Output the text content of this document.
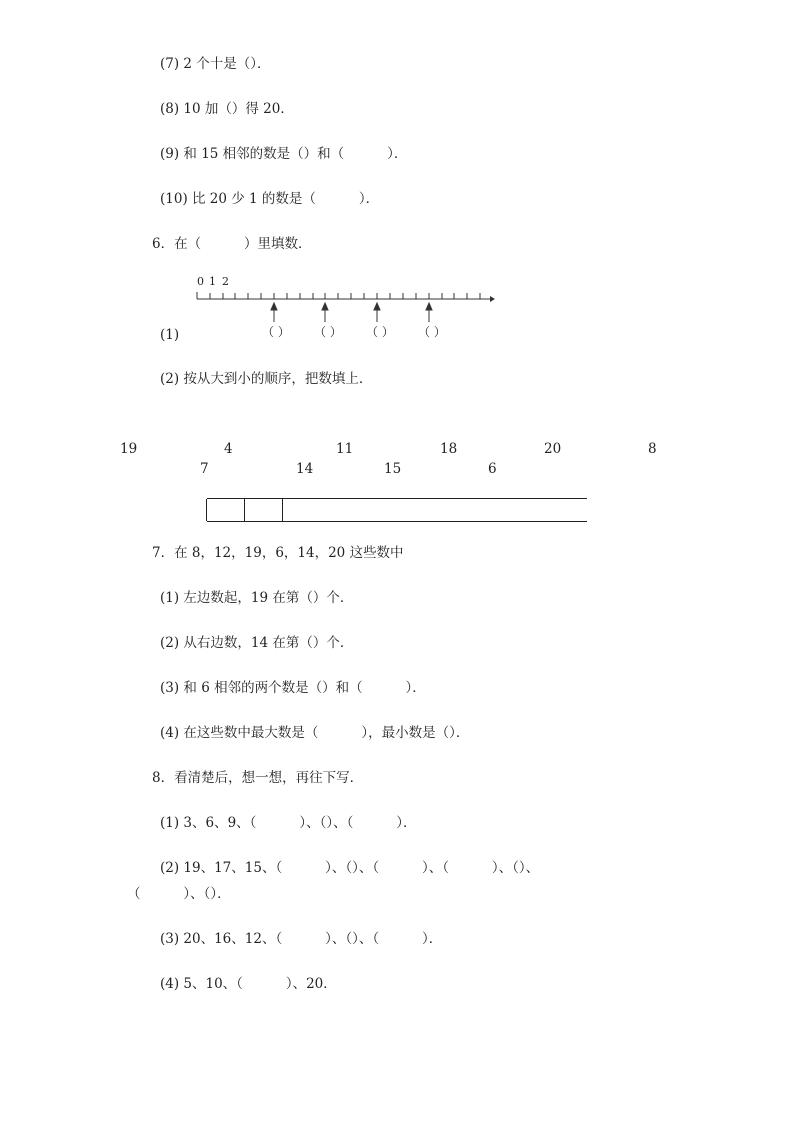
(7) 2 个十是（）．
(8) 10 加（）得 20．
(9) 和 15 相邻的数是（）和（          ）．
(10) 比 20 少 1 的数是（          ）．
6．在（          ）里填数．
0 1 2
(1)	（ ） （ ） （ ） （ ）
(2) 按从大到小的顺序，把数填上．
19	4	11	18	20	8
7	14	15	6
7．在 8，12，19，6，14，20 这些数中
(1) 左边数起，19 在第（）个．
(2) 从右边数，14 在第（）个．
(3) 和 6 相邻的两个数是（）和（          ）．
(4) 在这些数中最大数是（          ），最小数是（）．
8．看清楚后，想一想，再往下写．
(1) 3、6、9、（          ）、（）、（          ）．
(2) 19、17、15、（          ）、（）、（          ）、（          ）、（）、
（          ）、（）．
(3) 20、16、12、（          ）、（）、（          ）．
(4) 5、10、（          ）、20．
